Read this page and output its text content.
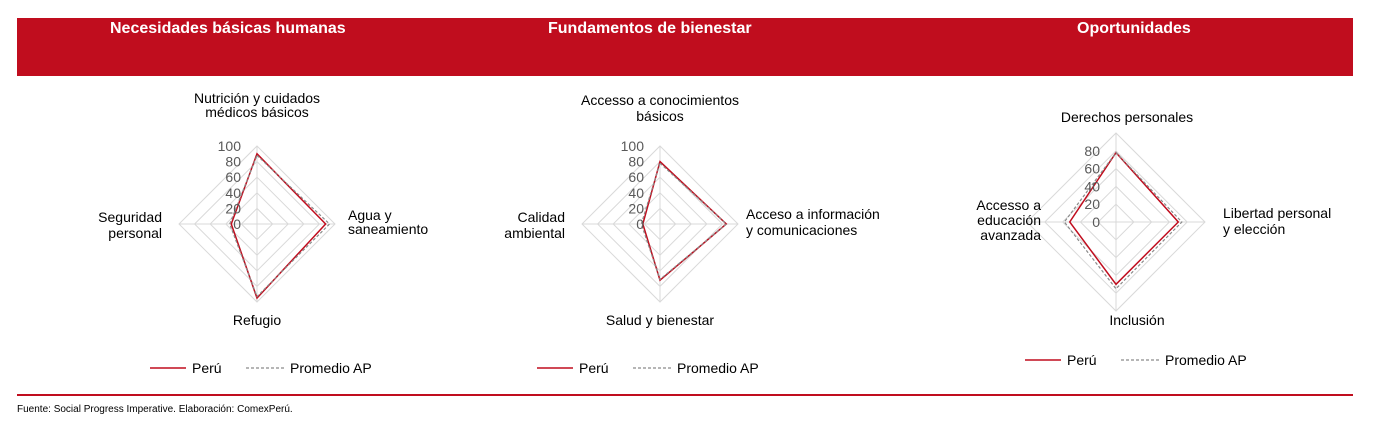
Necesidades básicas humanas	Fundamentos de bienestar	Oportunidades
0
20
40
60
80
100
Nutrición y cuidados médicos básicos
Agua y saneamiento
Refugio
Seguridad personal
Perú	Promedio AP
0
20
40
60
80
100
Accesso a conocimientos básicos
Acceso a información y comunicaciones
Salud y bienestar
Calidad ambiental
Perú	Promedio AP
0
20
40
60
80
Derechos personales
Libertad personal y elección
Inclusión
Accesso a educación avanzada
Perú	Promedio AP
Fuente: Social Progress Imperative. Elaboración: ComexPerú.
